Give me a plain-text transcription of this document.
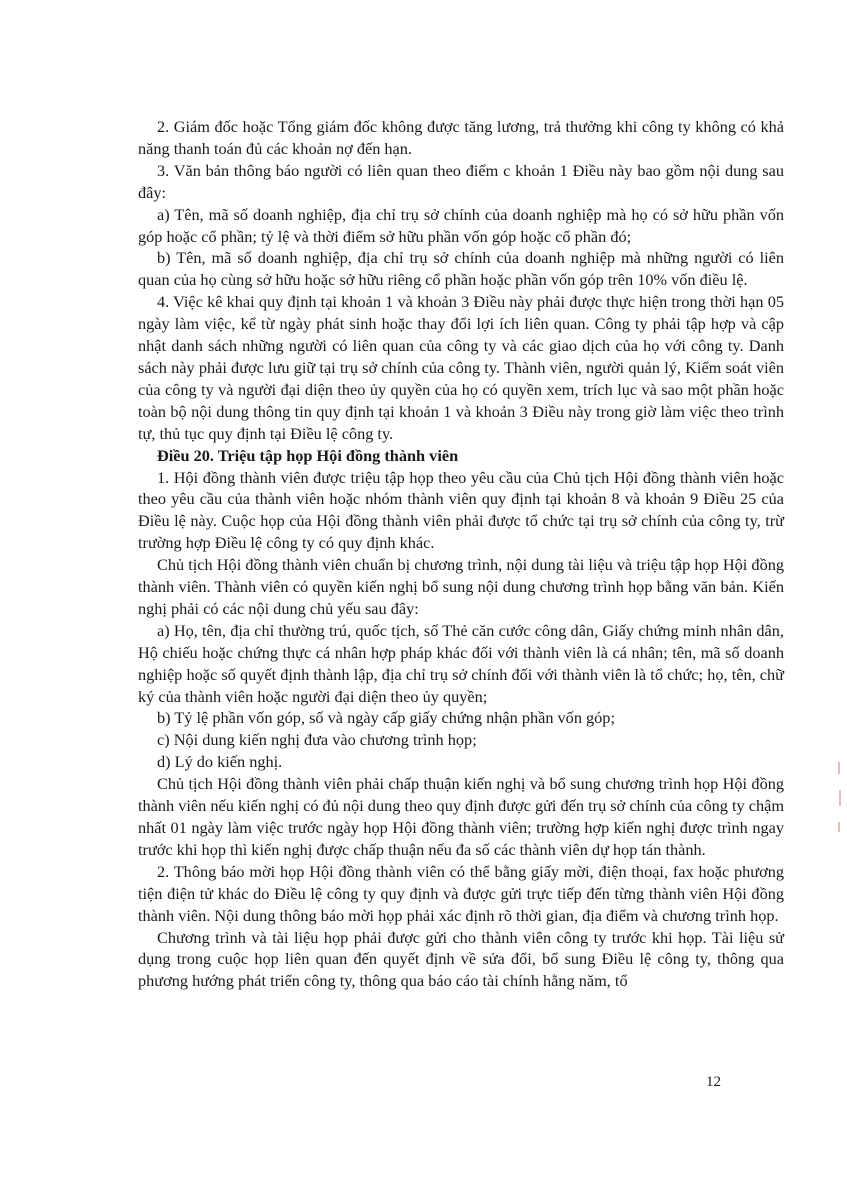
2. Giám đốc hoặc Tổng giám đốc không được tăng lương, trả thưởng khi công ty không có khả năng thanh toán đủ các khoản nợ đến hạn.

3. Văn bản thông báo người có liên quan theo điểm c khoản 1 Điều này bao gồm nội dung sau đây:

a) Tên, mã số doanh nghiệp, địa chỉ trụ sở chính của doanh nghiệp mà họ có sở hữu phần vốn góp hoặc cổ phần; tỷ lệ và thời điểm sở hữu phần vốn góp hoặc cổ phần đó;

b) Tên, mã số doanh nghiệp, địa chỉ trụ sở chính của doanh nghiệp mà những người có liên quan của họ cùng sở hữu hoặc sở hữu riêng cổ phần hoặc phần vốn góp trên 10% vốn điều lệ.

4. Việc kê khai quy định tại khoản 1 và khoản 3 Điều này phải được thực hiện trong thời hạn 05 ngày làm việc, kể từ ngày phát sinh hoặc thay đổi lợi ích liên quan. Công ty phải tập hợp và cập nhật danh sách những người có liên quan của công ty và các giao dịch của họ với công ty. Danh sách này phải được lưu giữ tại trụ sở chính của công ty. Thành viên, người quản lý, Kiểm soát viên của công ty và người đại diện theo ủy quyền của họ có quyền xem, trích lục và sao một phần hoặc toàn bộ nội dung thông tin quy định tại khoản 1 và khoản 3 Điều này trong giờ làm việc theo trình tự, thủ tục quy định tại Điều lệ công ty.

Điều 20. Triệu tập họp Hội đồng thành viên

1. Hội đồng thành viên được triệu tập họp theo yêu cầu của Chủ tịch Hội đồng thành viên hoặc theo yêu cầu của thành viên hoặc nhóm thành viên quy định tại khoản 8 và khoản 9 Điều 25 của Điều lệ này. Cuộc họp của Hội đồng thành viên phải được tổ chức tại trụ sở chính của công ty, trừ trường hợp Điều lệ công ty có quy định khác.

Chủ tịch Hội đồng thành viên chuẩn bị chương trình, nội dung tài liệu và triệu tập họp Hội đồng thành viên. Thành viên có quyền kiến nghị bổ sung nội dung chương trình họp bằng văn bản. Kiến nghị phải có các nội dung chủ yếu sau đây:

a) Họ, tên, địa chỉ thường trú, quốc tịch, số Thẻ căn cước công dân, Giấy chứng minh nhân dân, Hộ chiếu hoặc chứng thực cá nhân hợp pháp khác đối với thành viên là cá nhân; tên, mã số doanh nghiệp hoặc số quyết định thành lập, địa chỉ trụ sở chính đối với thành viên là tổ chức; họ, tên, chữ ký của thành viên hoặc người đại diện theo ủy quyền;

b) Tỷ lệ phần vốn góp, số và ngày cấp giấy chứng nhận phần vốn góp;

c) Nội dung kiến nghị đưa vào chương trình họp;

d) Lý do kiến nghị.

Chủ tịch Hội đồng thành viên phải chấp thuận kiến nghị và bổ sung chương trình họp Hội đồng thành viên nếu kiến nghị có đủ nội dung theo quy định được gửi đến trụ sở chính của công ty chậm nhất 01 ngày làm việc trước ngày họp Hội đồng thành viên; trường hợp kiến nghị được trình ngay trước khi họp thì kiến nghị được chấp thuận nếu đa số các thành viên dự họp tán thành.

2. Thông báo mời họp Hội đồng thành viên có thể bằng giấy mời, điện thoại, fax hoặc phương tiện điện tử khác do Điều lệ công ty quy định và được gửi trực tiếp đến từng thành viên Hội đồng thành viên. Nội dung thông báo mời họp phải xác định rõ thời gian, địa điểm và chương trình họp.

Chương trình và tài liệu họp phải được gửi cho thành viên công ty trước khi họp. Tài liệu sử dụng trong cuộc họp liên quan đến quyết định về sửa đổi, bổ sung Điều lệ công ty, thông qua phương hướng phát triển công ty, thông qua báo cáo tài chính hằng năm, tổ

12
